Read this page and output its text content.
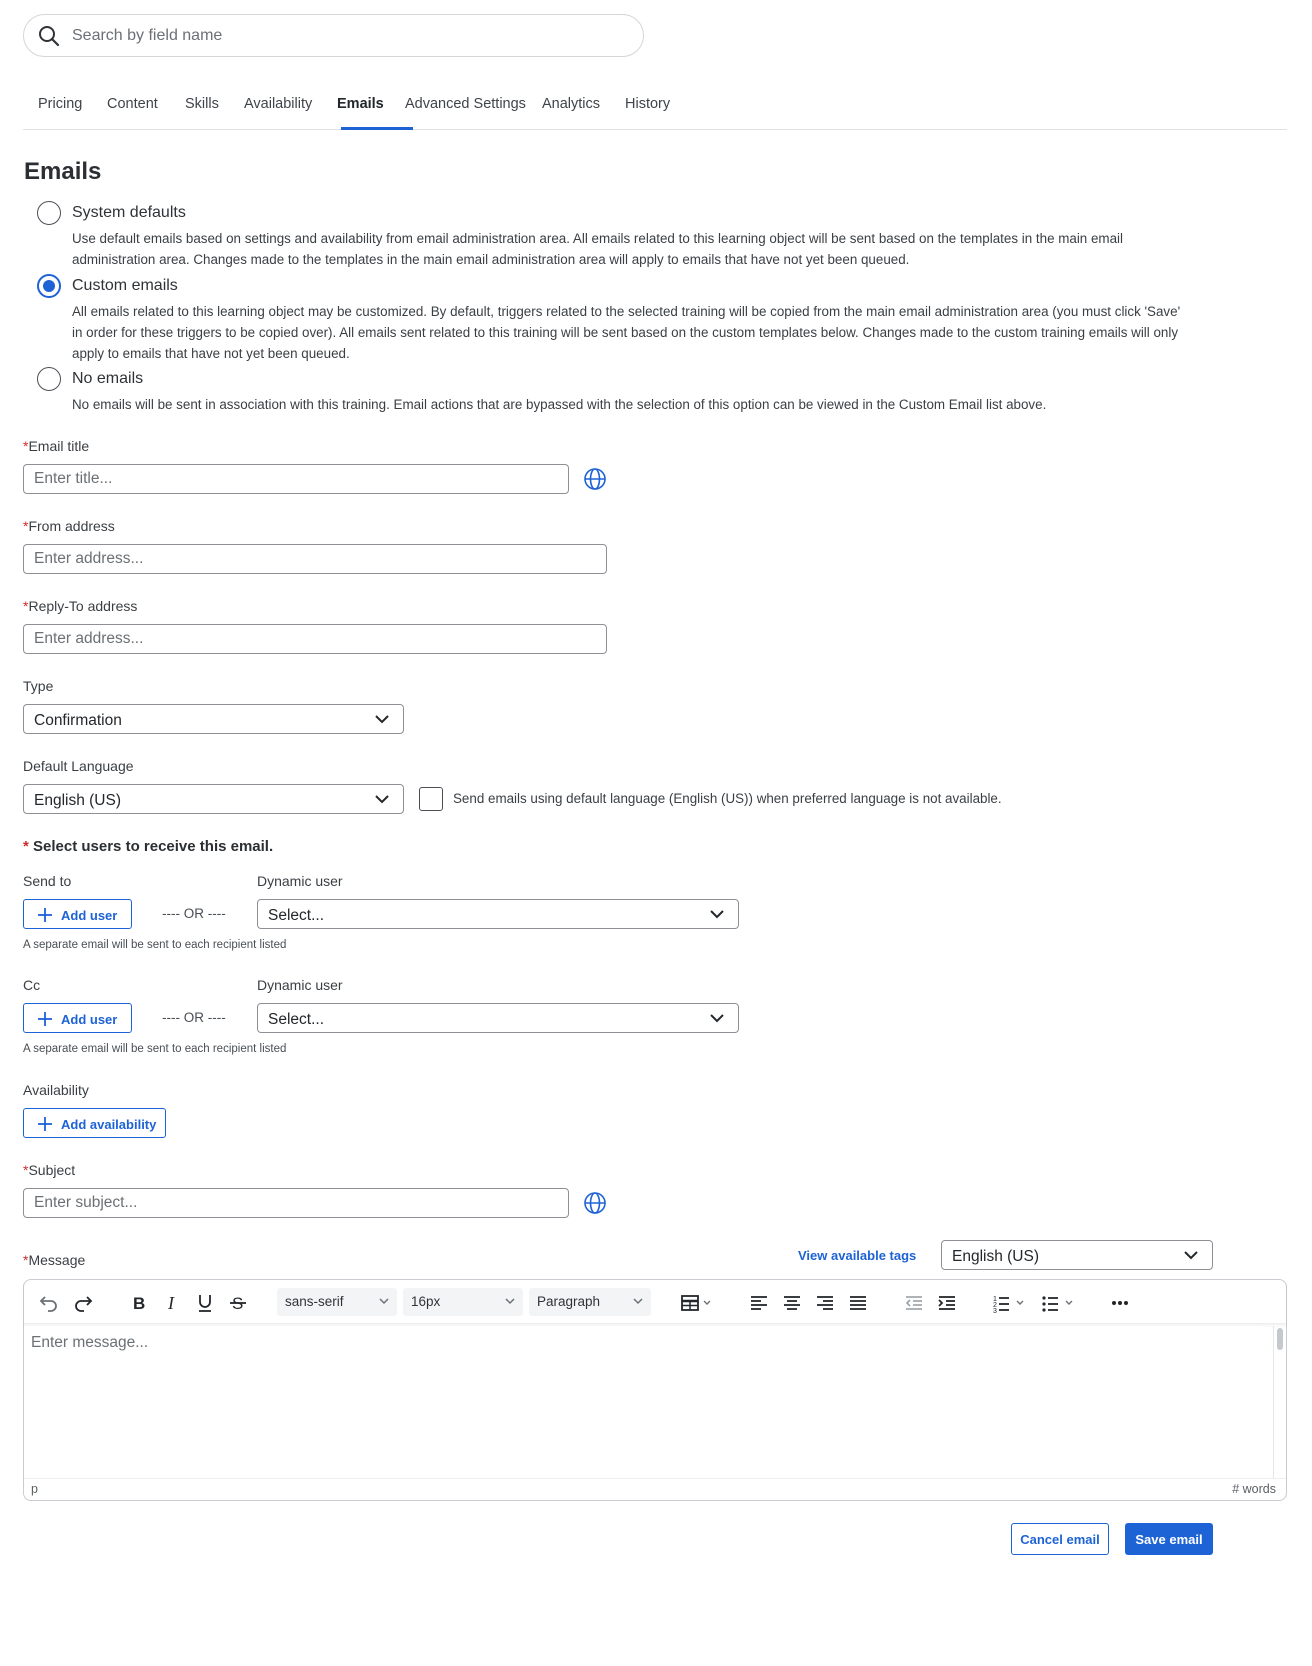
Search by field name
Pricing Content Skills Availability Emails Advanced Settings Analytics History
Emails
System defaults
Use default emails based on settings and availability from email administration area. All emails related to this learning object will be sent based on the templates in the main email administration area. Changes made to the templates in the main email administration area will apply to emails that have not yet been queued.
Custom emails
All emails related to this learning object may be customized. By default, triggers related to the selected training will be copied from the main email administration area (you must click 'Save' in order for these triggers to be copied over). All emails sent related to this training will be sent based on the custom templates below. Changes made to the custom training emails will only apply to emails that have not yet been queued.
No emails
No emails will be sent in association with this training. Email actions that are bypassed with the selection of this option can be viewed in the Custom Email list above.
*Email title
Enter title...
*From address
Enter address...
*Reply-To address
Enter address...
Type
Confirmation
Default Language
English (US)	Send emails using default language (English (US)) when preferred language is not available.
* Select users to receive this email.
Send to	Dynamic user
Add user	---- OR ----	Select...
A separate email will be sent to each recipient listed
Cc	Dynamic user
Add user	---- OR ----	Select...
A separate email will be sent to each recipient listed
Availability
Add availability
*Subject
Enter subject...
*Message	View available tags English (US)
B I	S	sans-serif	16px	Paragraph	1
2
3
Enter message...
p	# words
Cancel email	Save email
